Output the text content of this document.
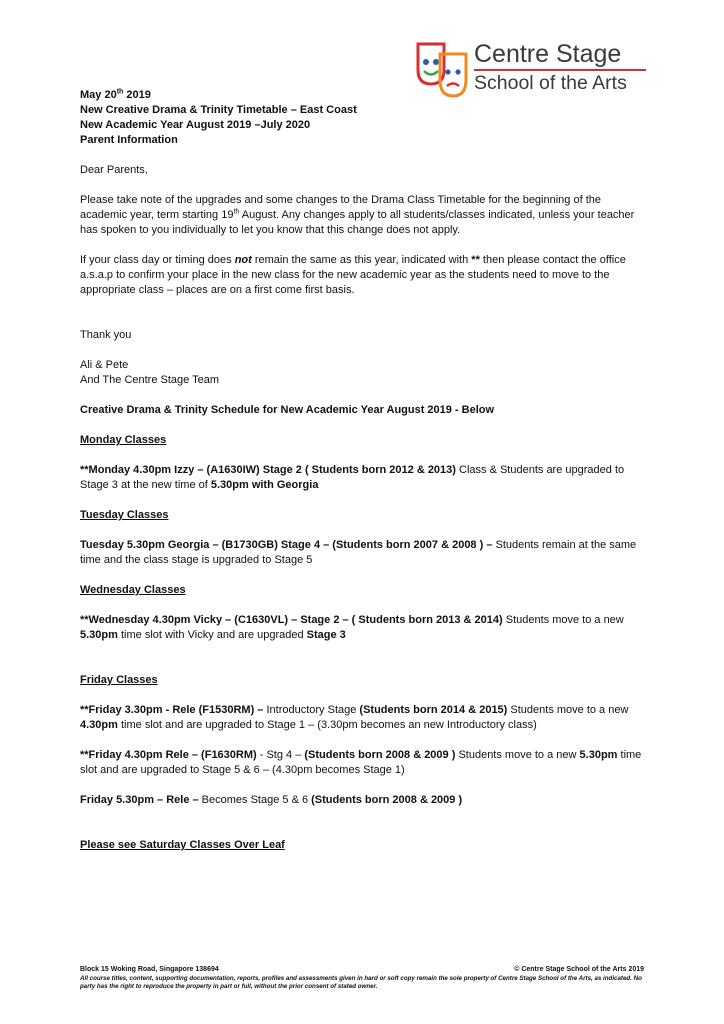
Centre Stage
School of the Arts
May 20th 2019
New Creative Drama & Trinity Timetable – East Coast
New Academic Year August 2019 –July 2020
Parent Information

Dear Parents,

Please take note of the upgrades and some changes to the Drama Class Timetable for the beginning of the academic year, term starting 19th August. Any changes apply to all students/classes indicated, unless your teacher has spoken to you individually to let you know that this change does not apply.

If your class day or timing does not remain the same as this year, indicated with ** then please contact the office a.s.a.p to confirm your place in the new class for the new academic year as the students need to move to the appropriate class – places are on a first come first basis.

Thank you

Ali & Pete

And The Centre Stage Team

Creative Drama & Trinity Schedule for New Academic Year August 2019 - Below

Monday Classes

**Monday 4.30pm Izzy – (A1630IW) Stage 2 ( Students born 2012 & 2013) Class & Students are upgraded to Stage 3 at the new time of 5.30pm with Georgia

Tuesday Classes

Tuesday 5.30pm Georgia – (B1730GB) Stage 4 – (Students born 2007 & 2008 ) – Students remain at the same time and the class stage is upgraded to Stage 5

Wednesday Classes

**Wednesday 4.30pm Vicky – (C1630VL) – Stage 2 – ( Students born 2013 & 2014) Students move to a new 5.30pm time slot with Vicky and are upgraded Stage 3

Friday Classes

**Friday 3.30pm - Rele (F1530RM) – Introductory Stage (Students born 2014 & 2015) Students move to a new 4.30pm time slot and are upgraded to Stage 1 – (3.30pm becomes an new Introductory class)

**Friday 4.30pm Rele – (F1630RM) - Stg 4 – (Students born 2008 & 2009 ) Students move to a new 5.30pm time slot and are upgraded to Stage 5 & 6 – (4.30pm becomes Stage 1)

Friday 5.30pm – Rele – Becomes Stage 5 & 6 (Students born 2008 & 2009 )

Please see Saturday Classes Over Leaf

Block 15 Woking Road, Singapore 138694	© Centre Stage School of the Arts 2019
All course titles, content, supporting documentation, reports, profiles and assessments given in hard or soft copy remain the sole property of Centre Stage School of the Arts, as indicated. No party has the right to reproduce the property in part or full, without the prior consent of stated owner.
